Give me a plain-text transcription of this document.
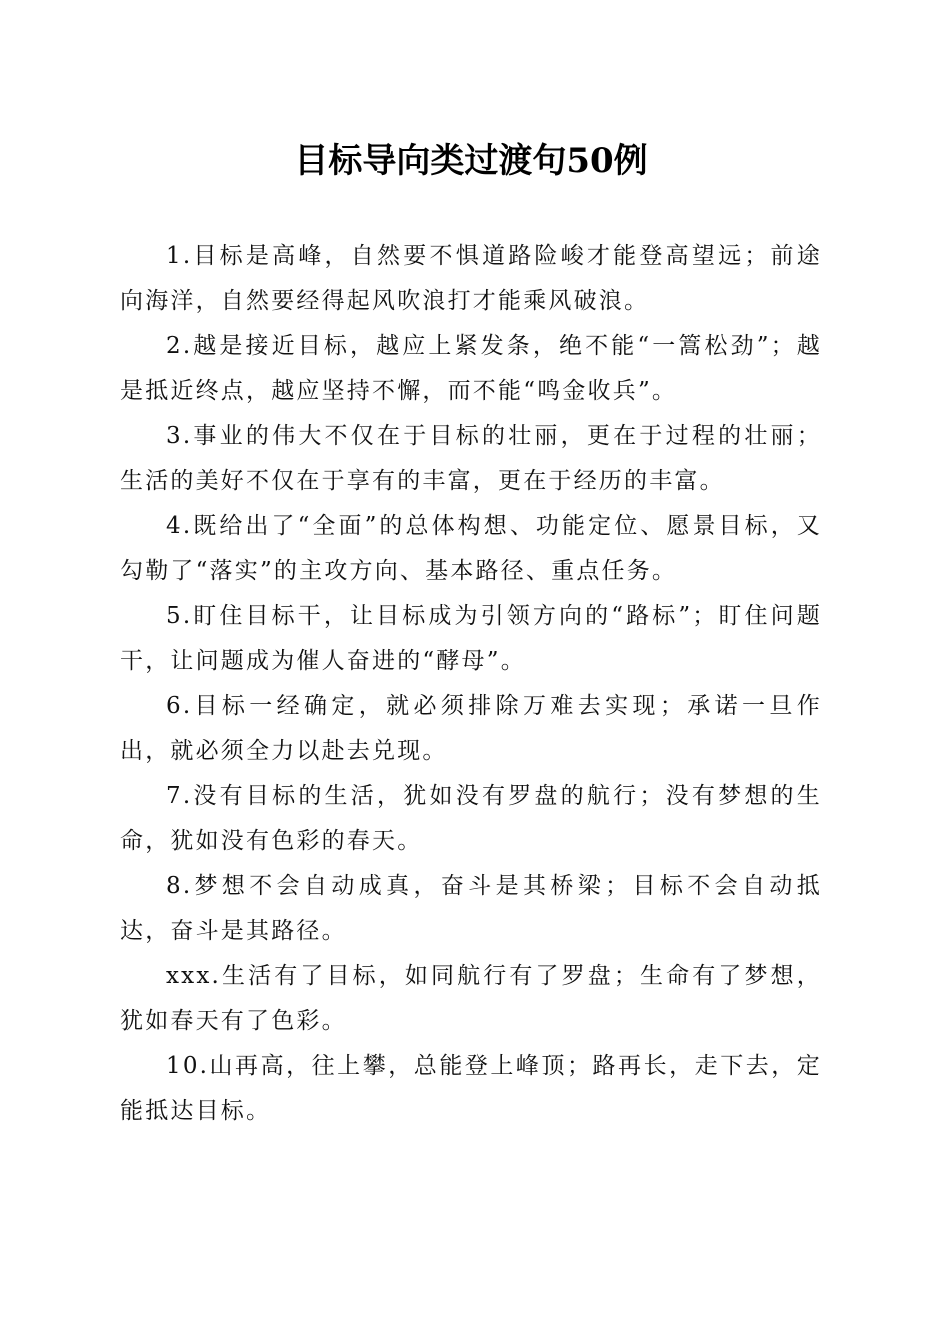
目标导向类过渡句50例

1.目标是高峰，自然要不惧道路险峻才能登高望远；前途向海洋，自然要经得起风吹浪打才能乘风破浪。

2.越是接近目标，越应上紧发条，绝不能“一篙松劲”；越是抵近终点，越应坚持不懈，而不能“鸣金收兵”。

3.事业的伟大不仅在于目标的壮丽，更在于过程的壮丽；生活的美好不仅在于享有的丰富，更在于经历的丰富。

4.既给出了“全面”的总体构想、功能定位、愿景目标，又勾勒了“落实”的主攻方向、基本路径、重点任务。

5.盯住目标干，让目标成为引领方向的“路标”；盯住问题干，让问题成为催人奋进的“酵母”。

6.目标一经确定，就必须排除万难去实现；承诺一旦作出，就必须全力以赴去兑现。

7.没有目标的生活，犹如没有罗盘的航行；没有梦想的生命，犹如没有色彩的春天。

8.梦想不会自动成真，奋斗是其桥梁；目标不会自动抵达，奋斗是其路径。

xxx.生活有了目标，如同航行有了罗盘；生命有了梦想，犹如春天有了色彩。

10.山再高，往上攀，总能登上峰顶；路再长，走下去，定能抵达目标。
